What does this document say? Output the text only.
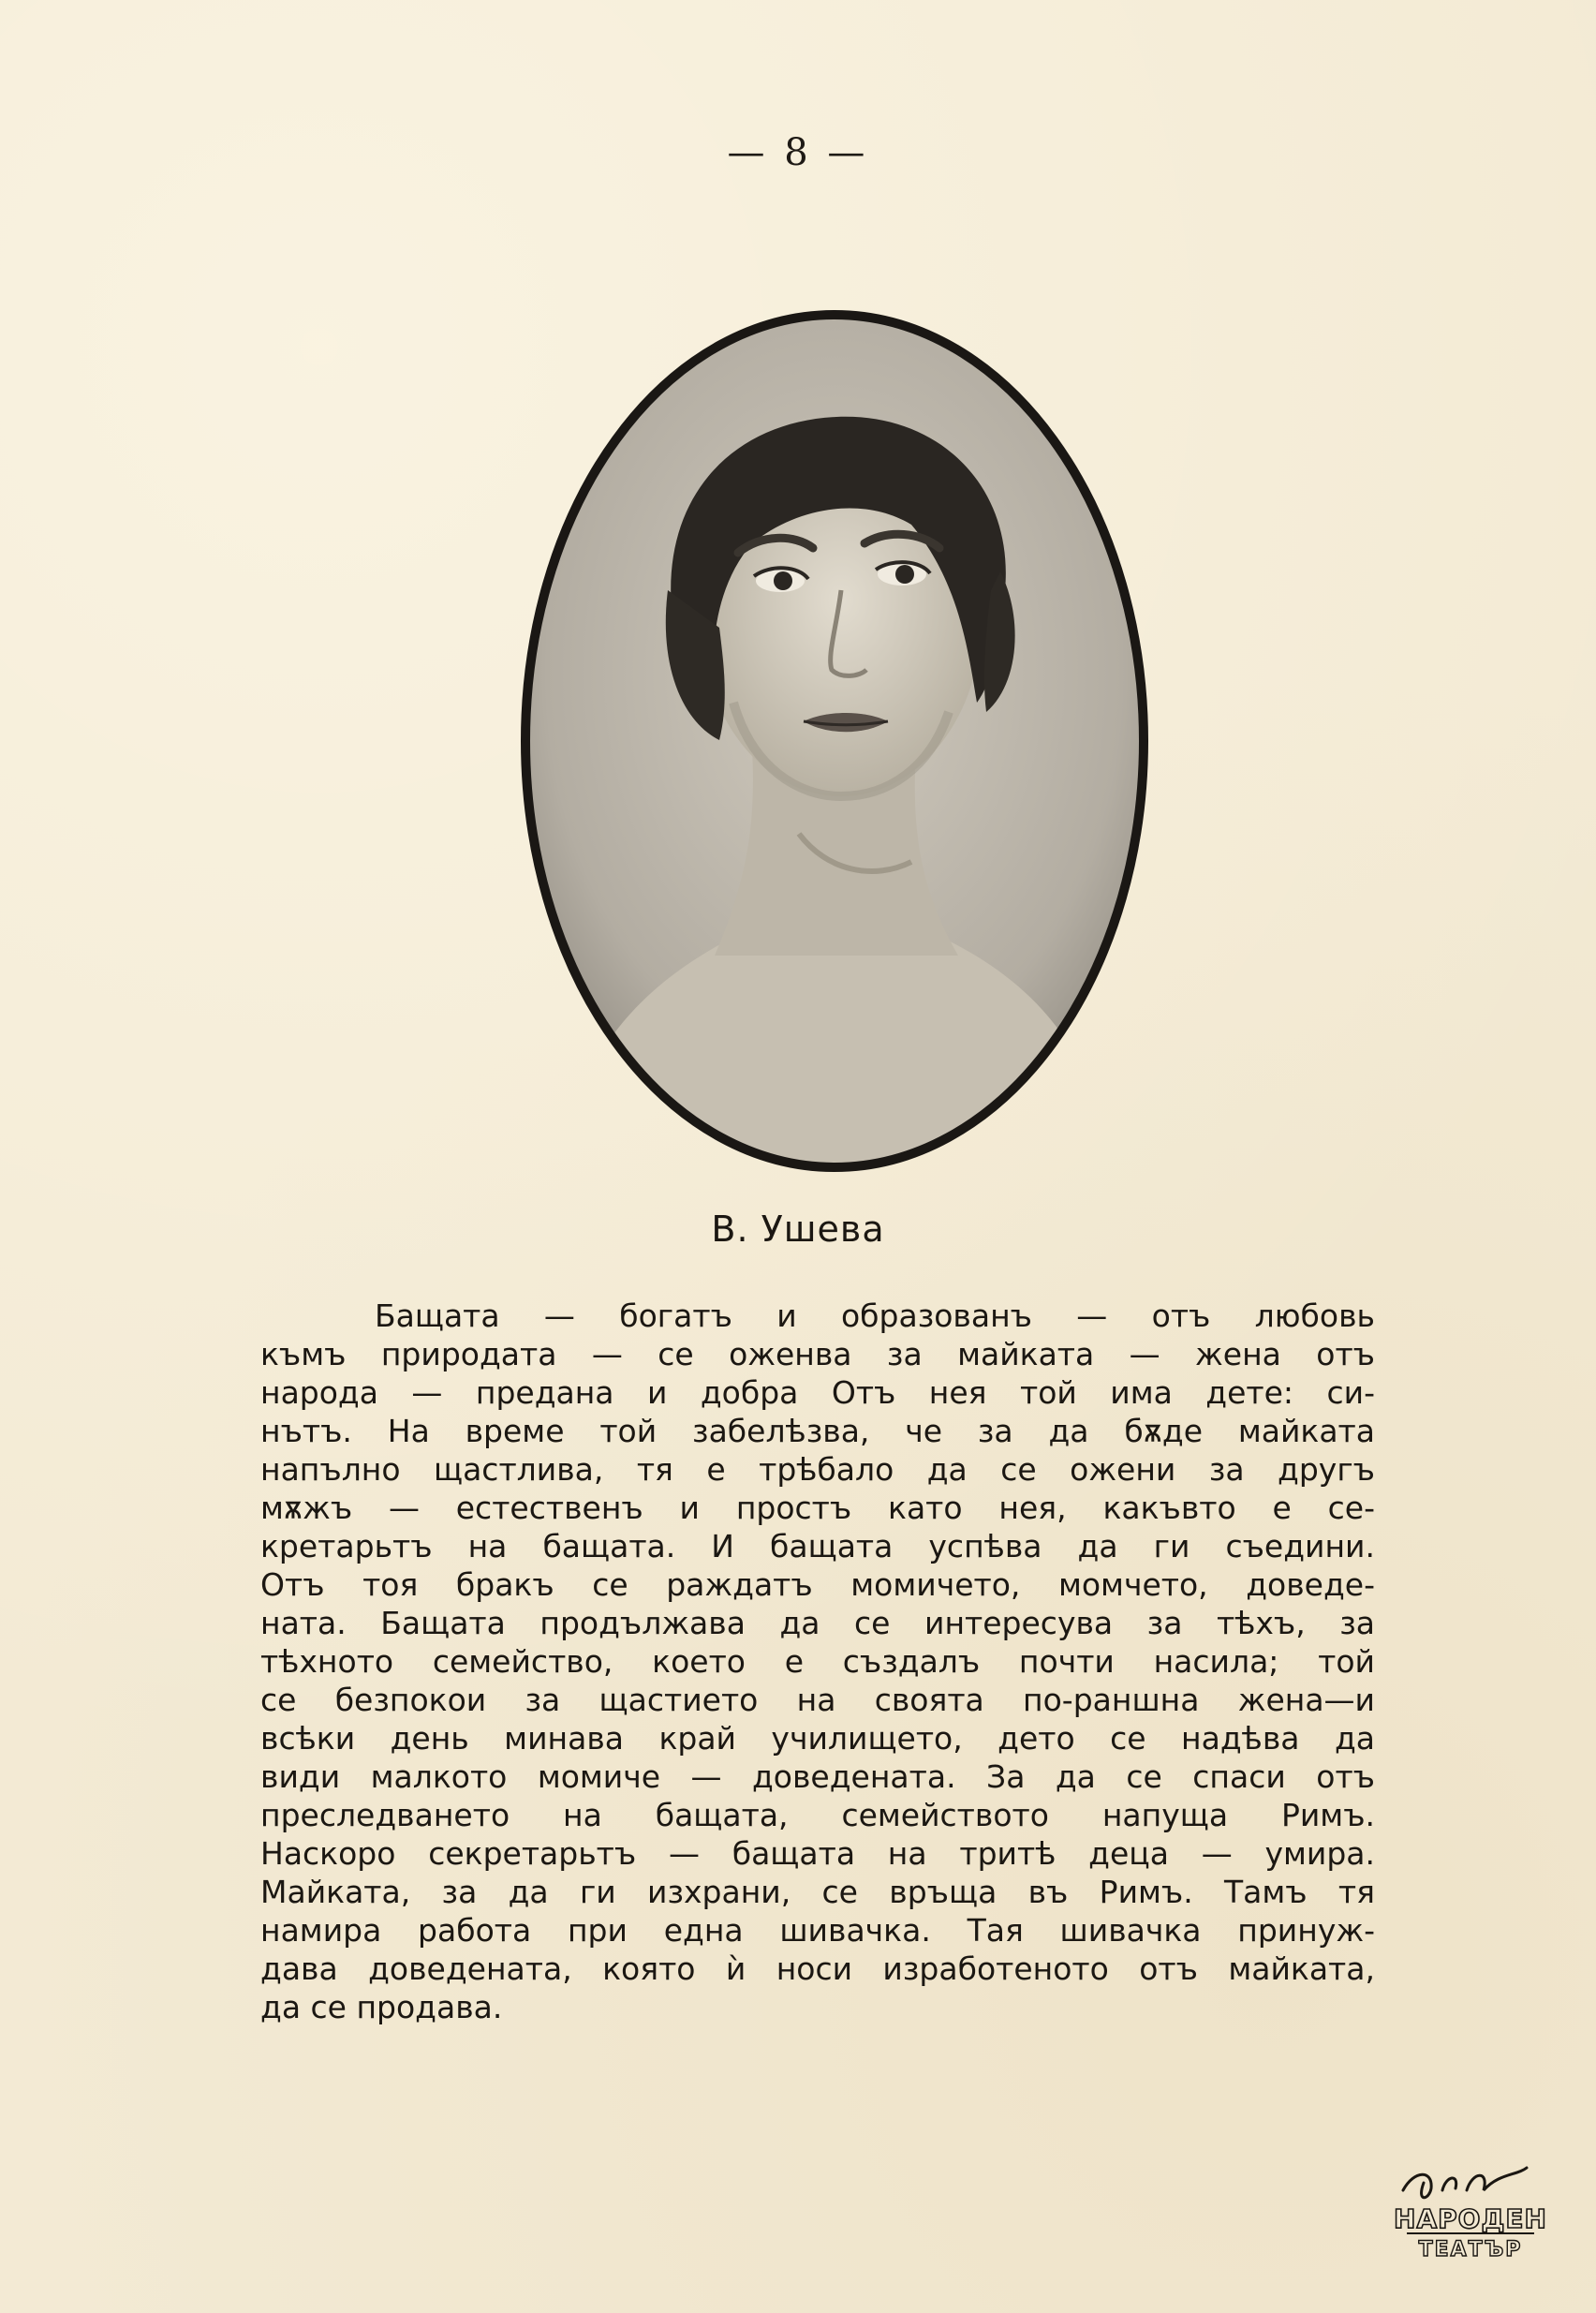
— 8 —
В. Ушева
Бащата — богатъ и образованъ — отъ любовь
къмъ природата — се оженва за майката — жена отъ
народа — предана и добра Отъ нея той има дете: си-
нътъ. На време той забелѣзва, че за да бѫде майката
напълно щастлива, тя е трѣбало да се ожени за другъ
мѫжъ — естественъ и простъ като нея, какъвто е се-
кретарьтъ на бащата. И бащата успѣва да ги съедини.
Отъ тоя бракъ се раждатъ момичето, момчето, доведе-
ната. Бащата продължава да се интересува за тѣхъ, за
тѣхното семейство, което е създалъ почти насила; той
се безпокои за щастието на своята по-раншна жена—и
всѣки день минава край училището, дето се надѣва да
види малкото момиче — доведената. За да се спаси отъ
преследването на бащата, семейството напуща Римъ.
Наскоро секретарьтъ — бащата на тритѣ деца — умира.
Майката, за да ги изхрани, се връща въ Римъ. Тамъ тя
намира работа при една шивачка. Тая шивачка принуж-
дава доведената, която ѝ носи изработеното отъ майката,
да се продава.
НАРОДЕН
ТЕАТЪР
